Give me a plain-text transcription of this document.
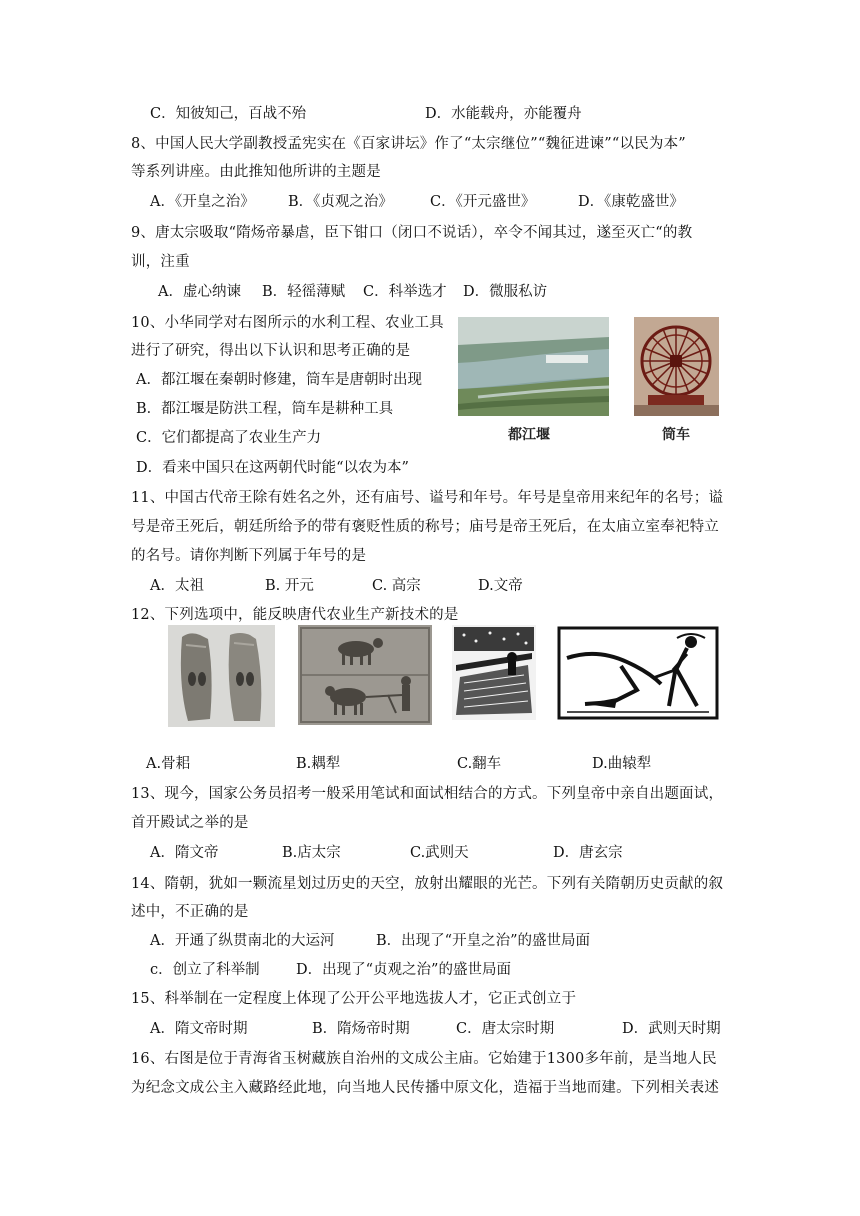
C．知彼知己，百战不殆	D．水能载舟，亦能覆舟
8、中国人民大学副教授孟宪实在《百家讲坛》作了“太宗继位”“魏征进谏”“以民为本”
等系列讲座。由此推知他所讲的主题是
A．《开皇之治》 B．《贞观之治》	C．《开元盛世》	D．《康乾盛世》
9、唐太宗吸取“隋炀帝暴虐，臣下钳口（闭口不说话），卒令不闻其过，遂至灭亡“的教
训，注重
A．虚心纳谏 B．轻徭薄赋 C．科举选才 D．微服私访
10、小华同学对右图所示的水利工程、农业工具
进行了研究，得出以下认识和思考正确的是
A．都江堰在秦朝时修建，筒车是唐朝时出现
B．都江堰是防洪工程，筒车是耕种工具
C．它们都提高了农业生产力
D．看来中国只在这两朝代时能“以农为本”
都江堰	筒车
11、中国古代帝王除有姓名之外，还有庙号、谥号和年号。年号是皇帝用来纪年的名号；谥
号是帝王死后，朝廷所给予的带有褒贬性质的称号；庙号是帝王死后，在太庙立室奉祀特立
的名号。请你判断下列属于年号的是
A．太祖	B. 开元	C. 高宗	D.文帝
12、下列选项中，能反映唐代农业生产新技术的是
A.骨耜	B.耦犁	C.翻车	D.曲辕犁
13、现今，国家公务员招考一般采用笔试和面试相结合的方式。下列皇帝中亲自出题面试，
首开殿试之举的是
A．隋文帝	B.店太宗	C.武则天	D．唐玄宗
14、隋朝，犹如一颗流星划过历史的天空，放射出耀眼的光芒。下列有关隋朝历史贡献的叙
述中，不正确的是
A．开通了纵贯南北的大运河	B．出现了“开皇之治”的盛世局面
c．创立了科举制	D．出现了“贞观之治”的盛世局面
15、科举制在一定程度上体现了公开公平地选拔人才，它正式创立于
A．隋文帝时期	B．隋炀帝时期	C．唐太宗时期	D．武则天时期
16、右图是位于青海省玉树藏族自治州的文成公主庙。它始建于1300多年前，是当地人民
为纪念文成公主入藏路经此地，向当地人民传播中原文化，造福于当地而建。下列相关表述
